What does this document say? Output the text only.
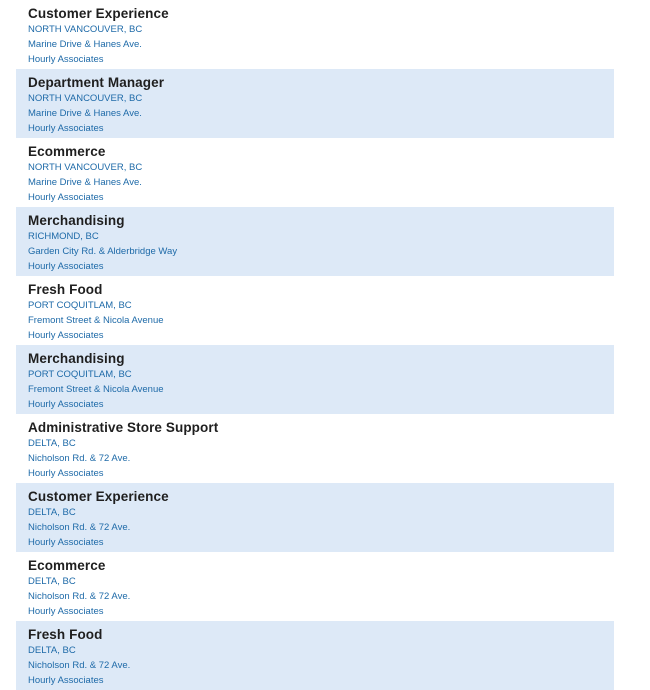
Customer Experience
NORTH VANCOUVER, BC
Marine Drive & Hanes Ave.
Hourly Associates
Department Manager
NORTH VANCOUVER, BC
Marine Drive & Hanes Ave.
Hourly Associates
Ecommerce
NORTH VANCOUVER, BC
Marine Drive & Hanes Ave.
Hourly Associates
Merchandising
RICHMOND, BC
Garden City Rd. & Alderbridge Way
Hourly Associates
Fresh Food
PORT COQUITLAM, BC
Fremont Street & Nicola Avenue
Hourly Associates
Merchandising
PORT COQUITLAM, BC
Fremont Street & Nicola Avenue
Hourly Associates
Administrative Store Support
DELTA, BC
Nicholson Rd. & 72 Ave.
Hourly Associates
Customer Experience
DELTA, BC
Nicholson Rd. & 72 Ave.
Hourly Associates
Ecommerce
DELTA, BC
Nicholson Rd. & 72 Ave.
Hourly Associates
Fresh Food
DELTA, BC
Nicholson Rd. & 72 Ave.
Hourly Associates
